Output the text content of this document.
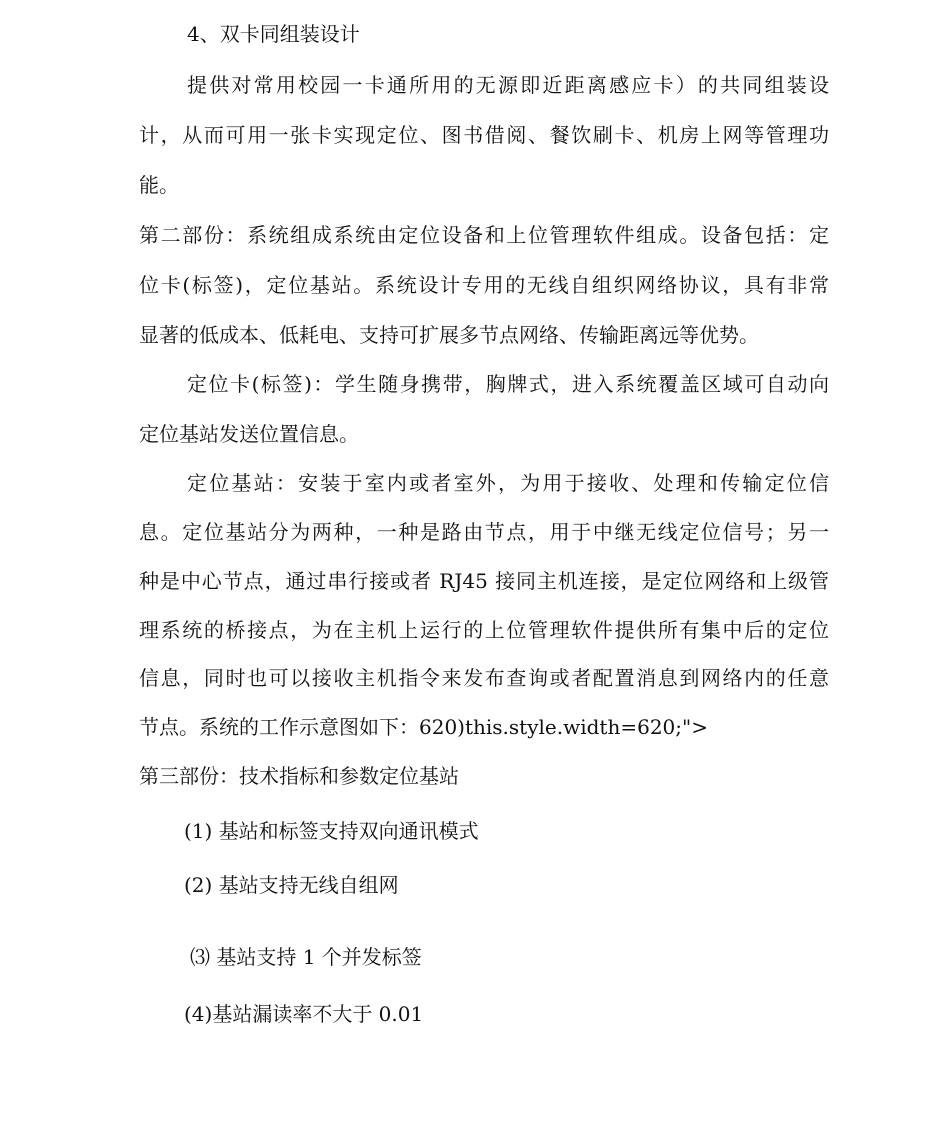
4、双卡同组装设计
提供对常用校园一卡通所用的无源即近距离感应卡）的共同组装设
计，从而可用一张卡实现定位、图书借阅、餐饮刷卡、机房上网等管理功
能。
第二部份：系统组成系统由定位设备和上位管理软件组成。设备包括：定
位卡(标签)，定位基站。系统设计专用的无线自组织网络协议，具有非常
显著的低成本、低耗电、支持可扩展多节点网络、传输距离远等优势。
定位卡(标签)：学生随身携带，胸牌式，进入系统覆盖区域可自动向
定位基站发送位置信息。
定位基站：安装于室内或者室外，为用于接收、处理和传输定位信
息。定位基站分为两种，一种是路由节点，用于中继无线定位信号；另一
种是中心节点，通过串行接或者 RJ45 接同主机连接，是定位网络和上级管
理系统的桥接点，为在主机上运行的上位管理软件提供所有集中后的定位
信息，同时也可以接收主机指令来发布查询或者配置消息到网络内的任意
节点。系统的工作示意图如下：620)this.style.width=620;">
第三部份：技术指标和参数定位基站
(1) 基站和标签支持双向通讯模式
(2) 基站支持无线自组网
⑶ 基站支持 1 个并发标签
(4)基站漏读率不大于 0.01
